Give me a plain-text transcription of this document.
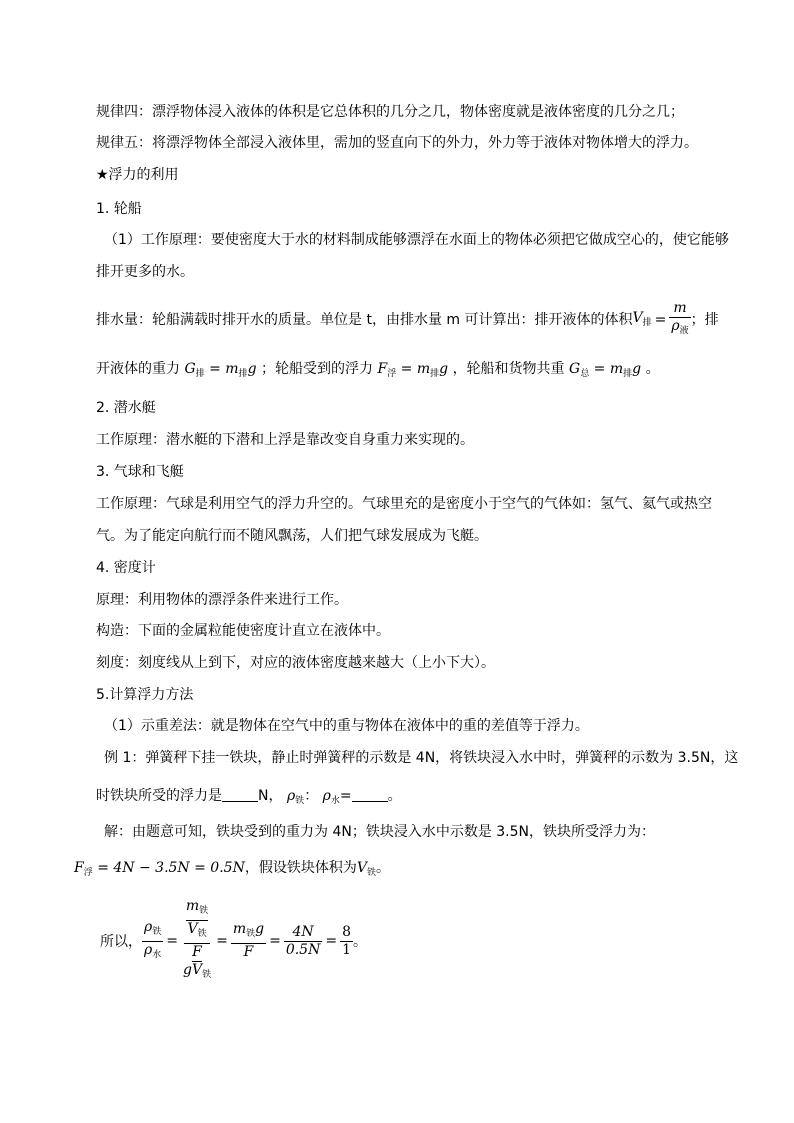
规律四：漂浮物体浸入液体的体积是它总体积的几分之几，物体密度就是液体密度的几分之几；
规律五：将漂浮物体全部浸入液体里，需加的竖直向下的外力，外力等于液体对物体增大的浮力。
★浮力的利用
1. 轮船
（1）工作原理：要使密度大于水的材料制成能够漂浮在水面上的物体必须把它做成空心的，使它能够
排开更多的水。
排水量：轮船满载时排开水的质量。单位是 t，由排水量 m 可计算出：排开液体的体积 $V_排 = \frac{m}{\rho_液}$ ；排
开液体的重力 $G_排 = m_排g$ ；轮船受到的浮力 $F_浮 = m_排g$ ，轮船和货物共重 $G_总 = m_排g$ 。
2. 潜水艇
工作原理：潜水艇的下潜和上浮是靠改变自身重力来实现的。
3. 气球和飞艇
工作原理：气球是利用空气的浮力升空的。气球里充的是密度小于空气的气体如：氢气、氦气或热空
气。为了能定向航行而不随风飘荡，人们把气球发展成为飞艇。
4. 密度计
原理：利用物体的漂浮条件来进行工作。
构造：下面的金属粒能使密度计直立在液体中。
刻度：刻度线从上到下，对应的液体密度越来越大（上小下大）。
5.计算浮力方法
（1）示重差法：就是物体在空气中的重与物体在液体中的重的差值等于浮力。
例 1：弹簧秤下挂一铁块，静止时弹簧秤的示数是 4N，将铁块浸入水中时，弹簧秤的示数为 3.5N，这
时铁块所受的浮力是	N， $\rho_铁$： $\rho_水=$	。
解：由题意可知，铁块受到的重力为 4N；铁块浸入水中示数是 3.5N，铁块所受浮力为：
$F_浮 = 4N - 3.5N = 0.5N$，假设铁块体积为$V_铁$。
所以， $\frac{\rho_铁}{\rho_水}$ =
$m_铁$
$V_铁$
F
$gV_铁$
= $\frac{m_铁g}{F} = \frac{4N}{0.5N} = \frac{8}{1}$ 。
